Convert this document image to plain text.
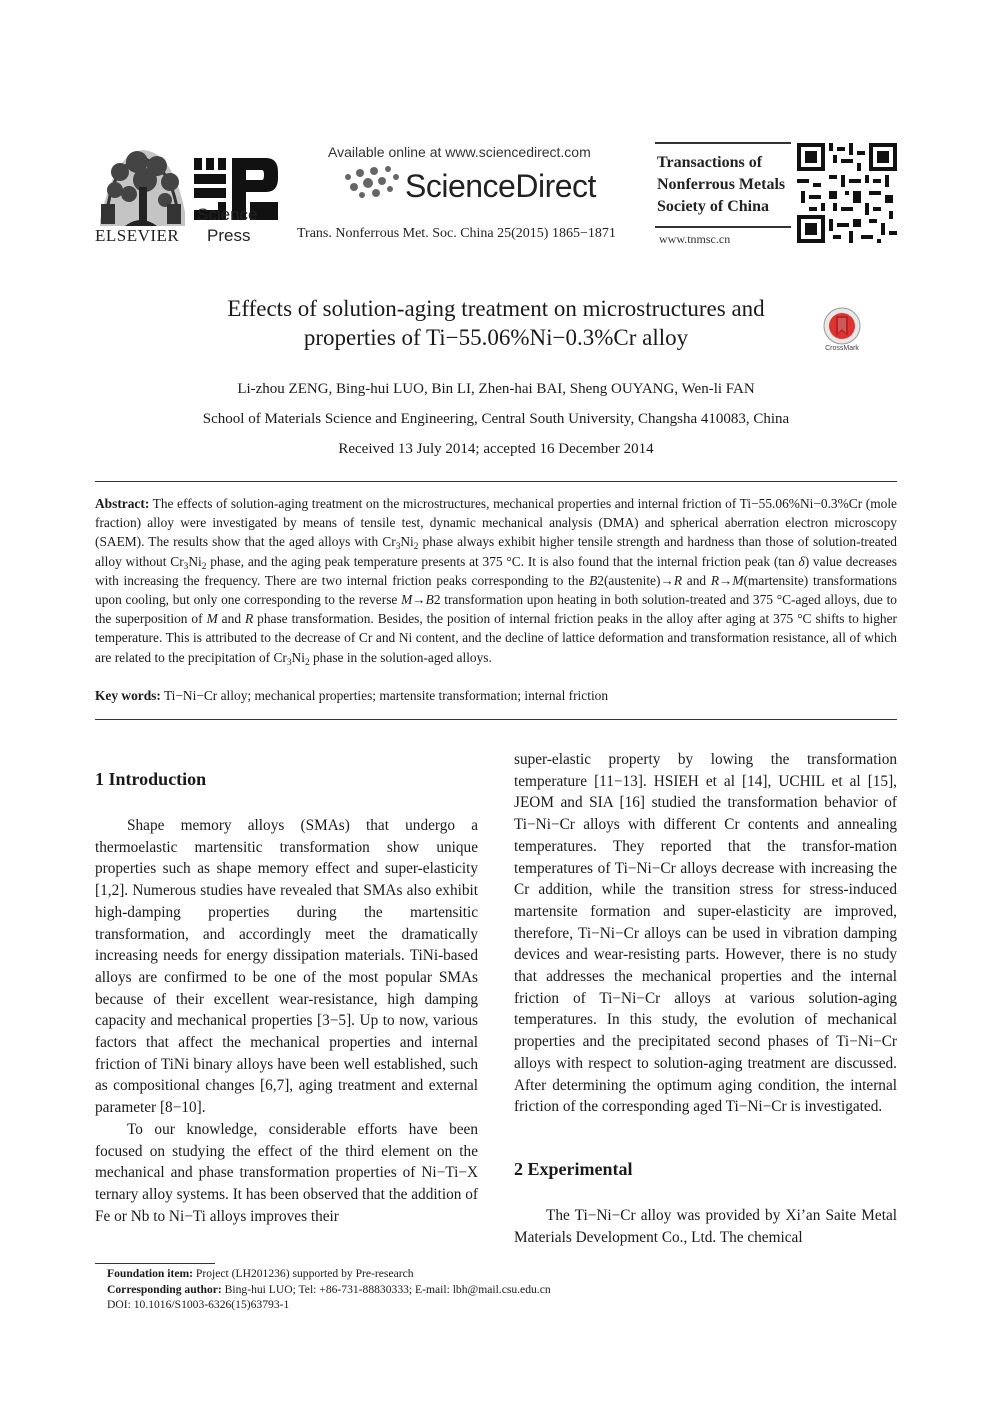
ELSEVIER
Science
Press
Available online at www.sciencedirect.com
ScienceDirect
Trans. Nonferrous Met. Soc. China 25(2015) 1865−1871
Transactions of
Nonferrous Metals
Society of China
www.tnmsc.cn
Effects of solution-aging treatment on microstructures and
properties of Ti−55.06%Ni−0.3%Cr alloy	CrossMark
Li-zhou ZENG, Bing-hui LUO, Bin LI, Zhen-hai BAI, Sheng OUYANG, Wen-li FAN
School of Materials Science and Engineering, Central South University, Changsha 410083, China
Received 13 July 2014; accepted 16 December 2014
Abstract: The effects of solution-aging treatment on the microstructures, mechanical properties and internal friction of Ti−55.06%Ni−0.3%Cr (mole fraction) alloy were investigated by means of tensile test, dynamic mechanical analysis (DMA) and spherical aberration electron microscopy (SAEM). The results show that the aged alloys with $Cr_3Ni_2$ phase always exhibit higher tensile strength and hardness than those of solution-treated alloy without $Cr_3Ni_2$ phase, and the aging peak temperature presents at 375 °C. It is also found that the internal friction peak (tan δ) value decreases with increasing the frequency. There are two internal friction peaks corresponding to the B2(austenite)→R and R→M(martensite) transformations upon cooling, but only one corresponding to the reverse M→B2 transformation upon heating in both solution-treated and 375 °C-aged alloys, due to the superposition of M and R phase transformation. Besides, the position of internal friction peaks in the alloy after aging at 375 °C shifts to higher temperature. This is attributed to the decrease of Cr and Ni content, and the decline of lattice deformation and transformation resistance, all of which are related to the precipitation of $Cr_3Ni_2$ phase in the solution-aged alloys.
Key words: Ti−Ni−Cr alloy; mechanical properties; martensite transformation; internal friction
1 Introduction

Shape memory alloys (SMAs) that undergo a thermoelastic martensitic transformation show unique properties such as shape memory effect and super-elasticity [1,2]. Numerous studies have revealed that SMAs also exhibit high-damping properties during the martensitic transformation, and accordingly meet the dramatically increasing needs for energy dissipation materials. TiNi-based alloys are confirmed to be one of the most popular SMAs because of their excellent wear-resistance, high damping capacity and mechanical properties [3−5]. Up to now, various factors that affect the mechanical properties and internal friction of TiNi binary alloys have been well established, such as compositional changes [6,7], aging treatment and external parameter [8−10].

To our knowledge, considerable efforts have been focused on studying the effect of the third element on the mechanical and phase transformation properties of Ni−Ti−X ternary alloy systems. It has been observed that the addition of Fe or Nb to Ni−Ti alloys improves their

super-elastic property by lowing the transformation temperature [11−13]. HSIEH et al [14], UCHIL et al [15], JEOM and SIA [16] studied the transformation behavior of Ti−Ni−Cr alloys with different Cr contents and annealing temperatures. They reported that the transfor-mation temperatures of Ti−Ni−Cr alloys decrease with increasing the Cr addition, while the transition stress for stress-induced martensite formation and super-elasticity are improved, therefore, Ti−Ni−Cr alloys can be used in vibration damping devices and wear-resisting parts. However, there is no study that addresses the mechanical properties and the internal friction of Ti−Ni−Cr alloys at various solution-aging temperatures. In this study, the evolution of mechanical properties and the precipitated second phases of Ti−Ni−Cr alloys with respect to solution-aging treatment are discussed. After determining the optimum aging condition, the internal friction of the corresponding aged Ti−Ni−Cr is investigated.

2 Experimental

The Ti−Ni−Cr alloy was provided by Xi’an Saite Metal Materials Development Co., Ltd. The chemical

Foundation item: Project (LH201236) supported by Pre-research
Corresponding author: Bing-hui LUO; Tel: +86-731-88830333; E-mail: lbh@mail.csu.edu.cn
DOI: 10.1016/S1003-6326(15)63793-1
